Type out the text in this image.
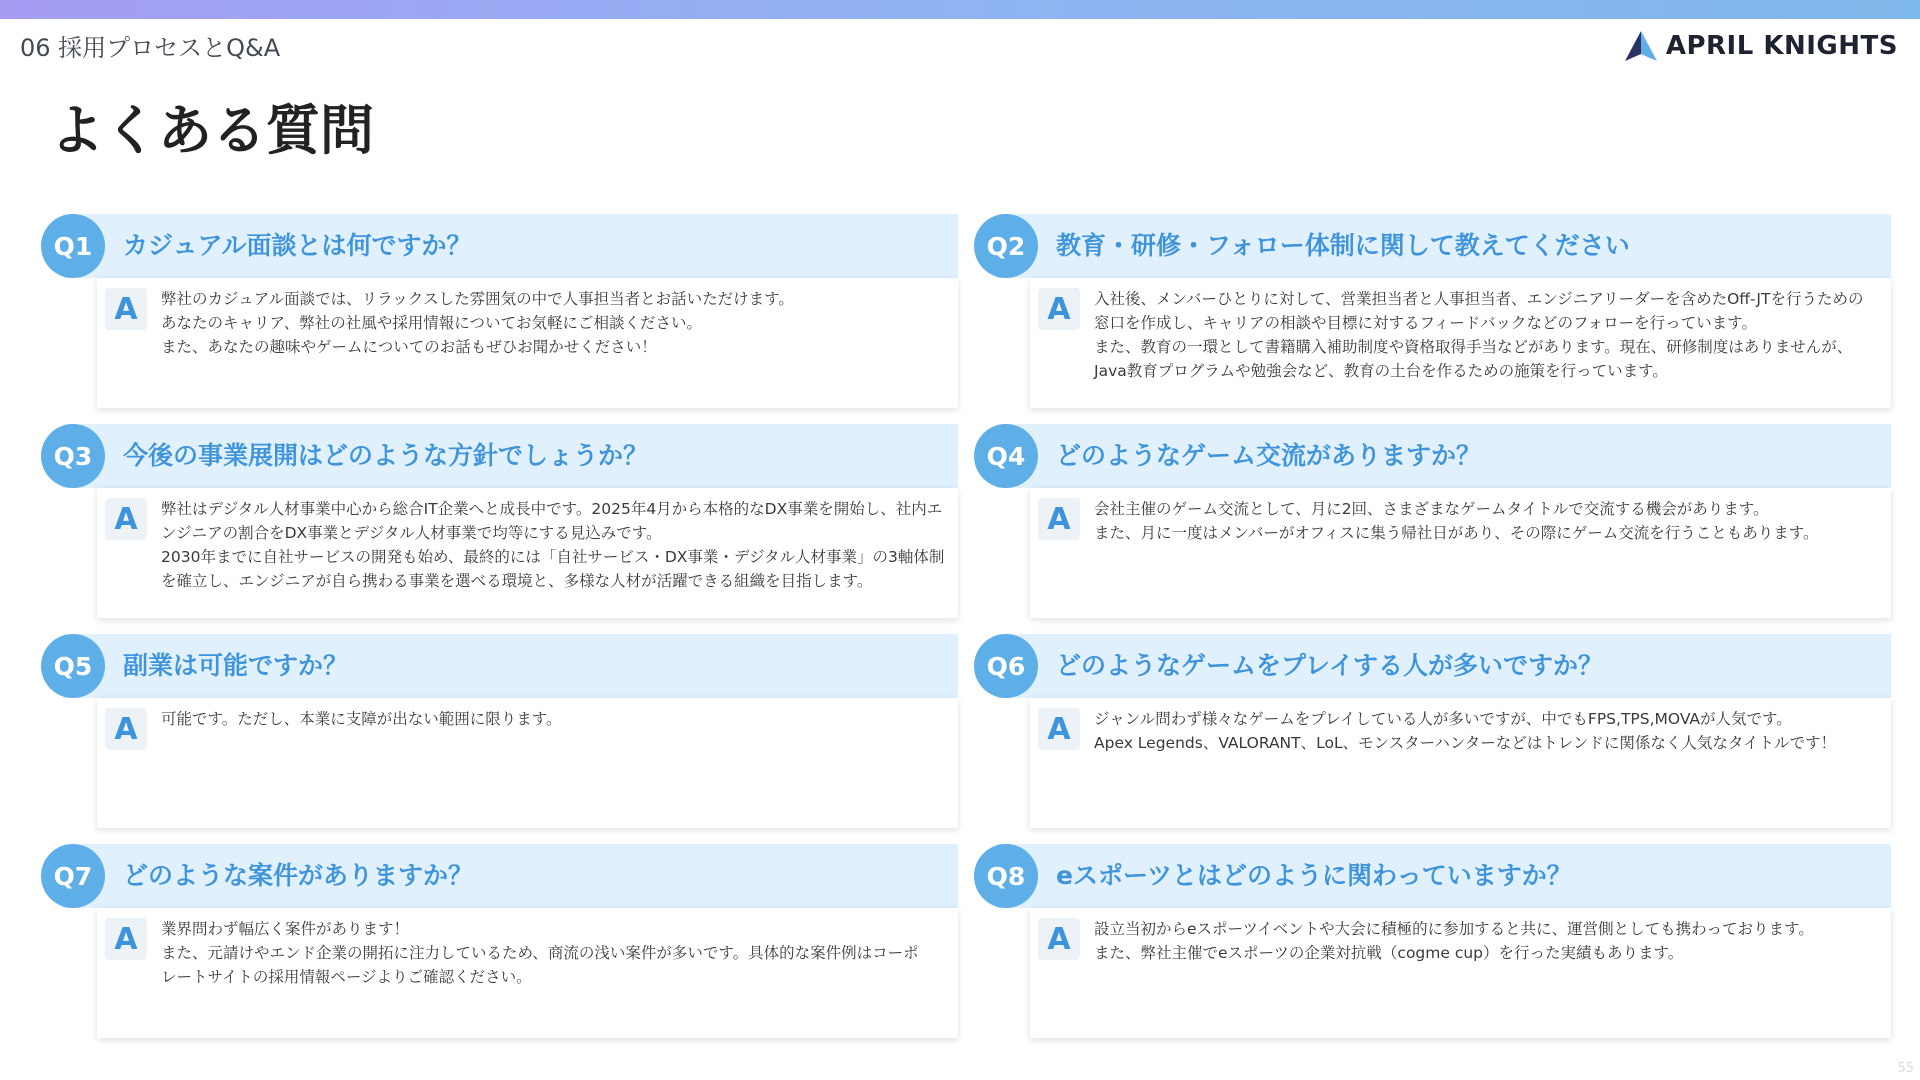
06 採用プロセスとQ&A	APRIL KNIGHTS
よくある質問
Q1	カジュアル面談とは何ですか？
A	弊社のカジュアル面談では、リラックスした雰囲気の中で人事担当者とお話いただけます。
あなたのキャリア、弊社の社風や採用情報についてお気軽にご相談ください。
また、あなたの趣味やゲームについてのお話もぜひお聞かせください！

Q2	教育・研修・フォロー体制に関して教えてください
A	入社後、メンバーひとりに対して、営業担当者と人事担当者、エンジニアリーダーを含めたOff-JTを行うための
窓口を作成し、キャリアの相談や目標に対するフィードバックなどのフォローを行っています。
また、教育の一環として書籍購入補助制度や資格取得手当などがあります。現在、研修制度はありませんが、
Java教育プログラムや勉強会など、教育の土台を作るための施策を行っています。

Q3	今後の事業展開はどのような方針でしょうか？
A	弊社はデジタル人材事業中心から総合IT企業へと成長中です。2025年4月から本格的なDX事業を開始し、社内エ
ンジニアの割合をDX事業とデジタル人材事業で均等にする見込みです。
2030年までに自社サービスの開発も始め、最終的には「自社サービス・DX事業・デジタル人材事業」の3軸体制
を確立し、エンジニアが自ら携わる事業を選べる環境と、多様な人材が活躍できる組織を目指します。

Q4	どのようなゲーム交流がありますか？
A	会社主催のゲーム交流として、月に2回、さまざまなゲームタイトルで交流する機会があります。
また、月に一度はメンバーがオフィスに集う帰社日があり、その際にゲーム交流を行うこともあります。

Q5	副業は可能ですか？
A	可能です。ただし、本業に支障が出ない範囲に限ります。

Q6	どのようなゲームをプレイする人が多いですか？
A	ジャンル問わず様々なゲームをプレイしている人が多いですが、中でもFPS,TPS,MOVAが人気です。
Apex Legends、VALORANT、LoL、モンスターハンターなどはトレンドに関係なく人気なタイトルです！

Q7	どのような案件がありますか？
A	業界問わず幅広く案件があります！
また、元請けやエンド企業の開拓に注力しているため、商流の浅い案件が多いです。具体的な案件例はコーポ
レートサイトの採用情報ページよりご確認ください。

Q8	eスポーツとはどのように関わっていますか？
A	設立当初からeスポーツイベントや大会に積極的に参加すると共に、運営側としても携わっております。
また、弊社主催でeスポーツの企業対抗戦（cogme cup）を行った実績もあります。

55
